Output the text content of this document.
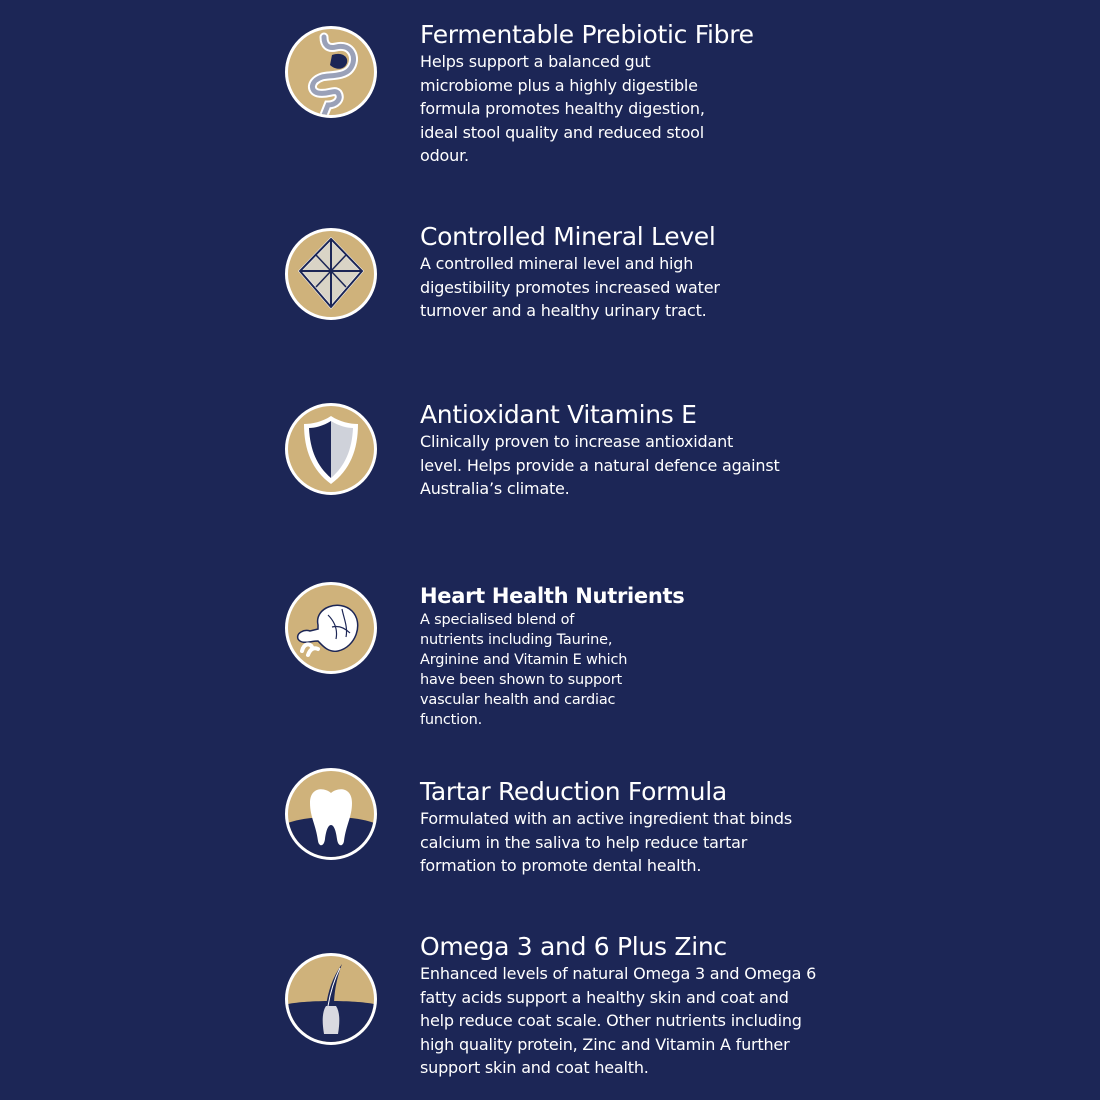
Fermentable Prebiotic Fibre

Helps support a balanced gut
microbiome plus a highly digestible
formula promotes healthy digestion,
ideal stool quality and reduced stool
odour.

Controlled Mineral Level

A controlled mineral level and high
digestibility promotes increased water
turnover and a healthy urinary tract.

Antioxidant Vitamins E

Clinically proven to increase antioxidant
level. Helps provide a natural defence against
Australia’s climate.

Heart Health Nutrients

A specialised blend of
nutrients including Taurine,
Arginine and Vitamin E which
have been shown to support
vascular health and cardiac
function.

Tartar Reduction Formula

Formulated with an active ingredient that binds
calcium in the saliva to help reduce tartar
formation to promote dental health.

Omega 3 and 6 Plus Zinc

Enhanced levels of natural Omega 3 and Omega 6
fatty acids support a healthy skin and coat and
help reduce coat scale. Other nutrients including
high quality protein, Zinc and Vitamin A further
support skin and coat health.
